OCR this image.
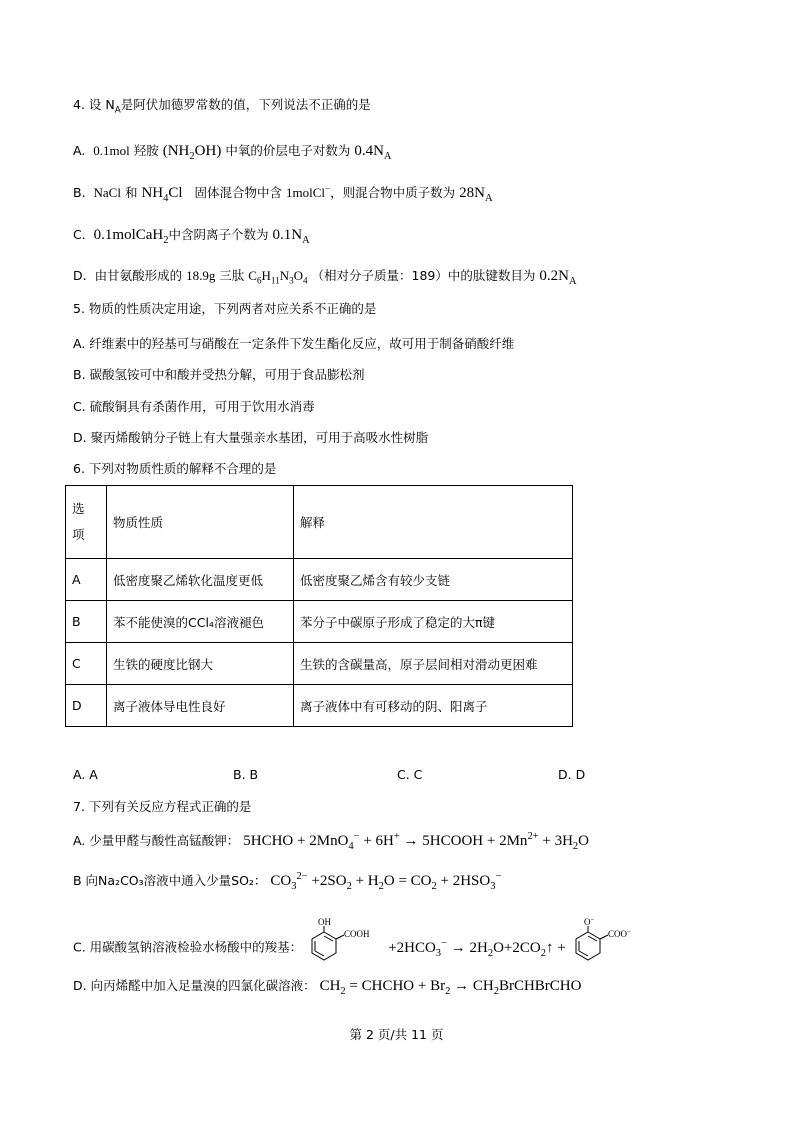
4. 设 $N_A$是阿伏加德罗常数的值，下列说法不正确的是
A. 0.1mol 羟胺 $(NH_2OH)$ 中氧的价层电子对数为 $0.4N_A$
B. NaCl 和 $NH_4Cl$ 固体混合物中含 1molCl−，则混合物中质子数为 $28N_A$
C. 0.1molCaH$_2$中含阴离子个数为 $0.1N_A$
D. 由甘氨酸形成的 18.9g 三肽 $C_6H_{11}N_3O_4$ （相对分子质量：189）中的肽键数目为 $0.2N_A$
5. 物质的性质决定用途，下列两者对应关系不正确的是
A. 纤维素中的羟基可与硝酸在一定条件下发生酯化反应，故可用于制备硝酸纤维
B. 碳酸氢铵可中和酸并受热分解，可用于食品膨松剂
C. 硫酸铜具有杀菌作用，可用于饮用水消毒
D. 聚丙烯酸钠分子链上有大量强亲水基团，可用于高吸水性树脂
6. 下列对物质性质的解释不合理的是
选项	物质性质	解释
A	低密度聚乙烯软化温度更低	低密度聚乙烯含有较少支链
B	苯不能使溴的CCl₄溶液褪色	苯分子中碳原子形成了稳定的大π键
C	生铁的硬度比钢大	生铁的含碳量高，原子层间相对滑动更困难
D	离子液体导电性良好	离子液体中有可移动的阴、阳离子
A. A	B. B	C. C	D. D
7. 下列有关反应方程式正确的是
A. 少量甲醛与酸性高锰酸钾： 5HCHO + 2MnO$_4$− + 6H+ → 5HCOOH + $2Mn^{2+} + 3H_2O$
B 向Na₂CO₃溶液中通入少量SO₂： $CO_3^{2-} +2SO_2 + H_2O = CO_2 + 2HSO_3^-$
C. 用碳酸氢钠溶液检验水杨酸中的羧基：
OH
COOH
$+2HCO_3^-$ → $2H_2O+2CO_2↑$ +
O−
COO−
D. 向丙烯醛中加入足量溴的四氯化碳溶液： $CH_2$ = CHCHO + $Br_2$ → $CH_2BrCHBrCHO$
第 2 页/共 11 页
